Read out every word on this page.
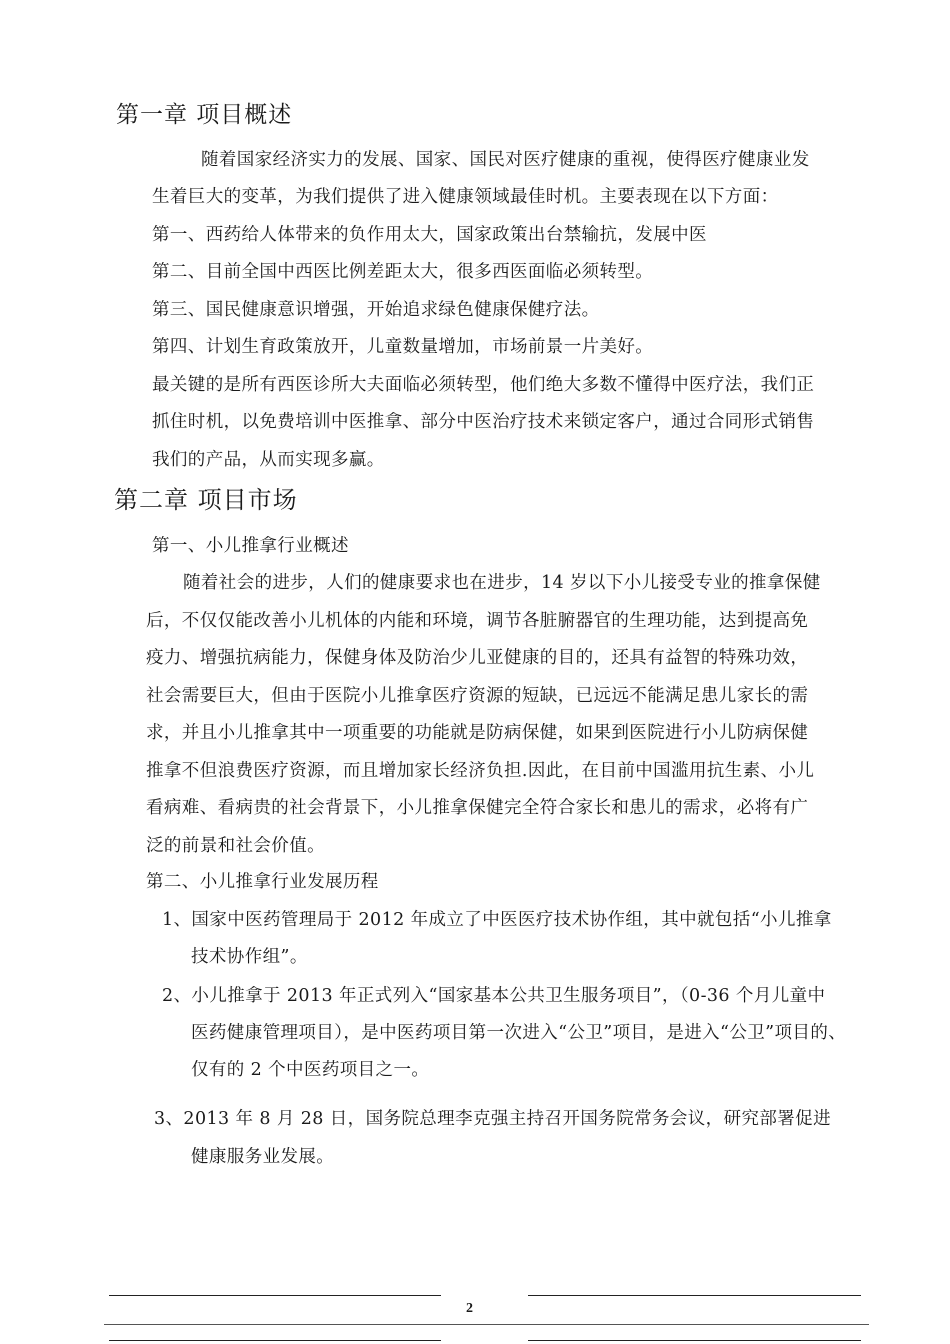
第一章 项目概述
随着国家经济实力的发展、国家、国民对医疗健康的重视，使得医疗健康业发
生着巨大的变革，为我们提供了进入健康领域最佳时机。主要表现在以下方面：
第一、西药给人体带来的负作用太大，国家政策出台禁输抗，发展中医
第二、目前全国中西医比例差距太大，很多西医面临必须转型。
第三、国民健康意识增强，开始追求绿色健康保健疗法。
第四、计划生育政策放开，儿童数量增加，市场前景一片美好。
最关键的是所有西医诊所大夫面临必须转型，他们绝大多数不懂得中医疗法，我们正
抓住时机，以免费培训中医推拿、部分中医治疗技术来锁定客户，通过合同形式销售
我们的产品，从而实现多赢。
第二章 项目市场
第一、小儿推拿行业概述
随着社会的进步，人们的健康要求也在进步，14 岁以下小儿接受专业的推拿保健
后，不仅仅能改善小儿机体的内能和环境，调节各脏腑器官的生理功能，达到提高免
疫力、增强抗病能力，保健身体及防治少儿亚健康的目的，还具有益智的特殊功效，
社会需要巨大，但由于医院小儿推拿医疗资源的短缺，已远远不能满足患儿家长的需
求，并且小儿推拿其中一项重要的功能就是防病保健，如果到医院进行小儿防病保健
推拿不但浪费医疗资源，而且增加家长经济负担.因此，在目前中国滥用抗生素、小儿
看病难、看病贵的社会背景下，小儿推拿保健完全符合家长和患儿的需求，必将有广
泛的前景和社会价值。
第二、小儿推拿行业发展历程
1、国家中医药管理局于 2012 年成立了中医医疗技术协作组，其中就包括“小儿推拿
技术协作组”。
2、小儿推拿于 2013 年正式列入“国家基本公共卫生服务项目”，（0-36 个月儿童中
医药健康管理项目），是中医药项目第一次进入“公卫”项目，是进入“公卫”项目的、
仅有的 2 个中医药项目之一。
3、2013 年 8 月 28 日，国务院总理李克强主持召开国务院常务会议，研究部署促进
健康服务业发展。
2
